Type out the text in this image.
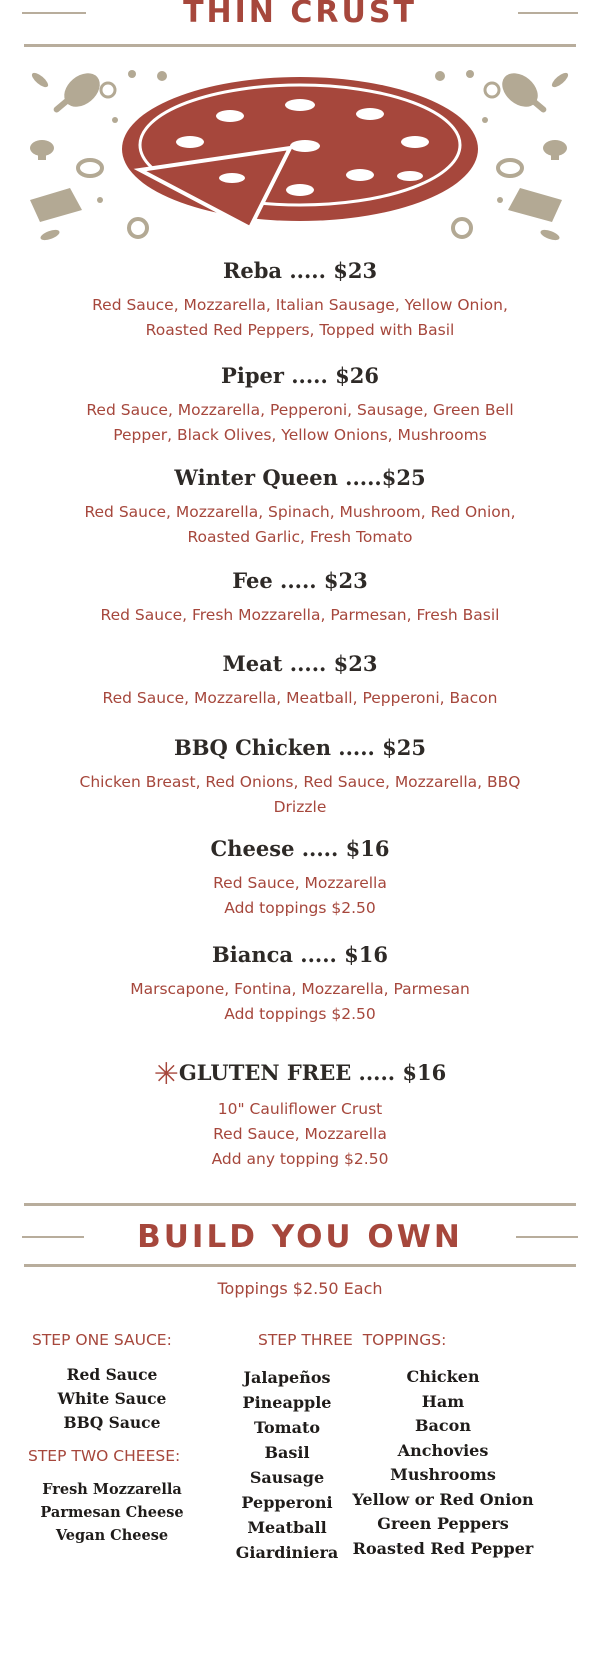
THIN CRUST
Reba ..... $23
Red Sauce, Mozzarella, Italian Sausage, Yellow Onion,
Roasted Red Peppers, Topped with Basil
Piper ..... $26
Red Sauce, Mozzarella, Pepperoni, Sausage, Green Bell
Pepper, Black Olives, Yellow Onions, Mushrooms
Winter Queen .....$25
Red Sauce, Mozzarella, Spinach, Mushroom, Red Onion,
Roasted Garlic, Fresh Tomato
Fee ..... $23
Red Sauce, Fresh Mozzarella, Parmesan, Fresh Basil
Meat ..... $23
Red Sauce, Mozzarella, Meatball, Pepperoni, Bacon
BBQ Chicken ..... $25
Chicken Breast, Red Onions, Red Sauce, Mozzarella, BBQ
Drizzle
Cheese ..... $16
Red Sauce, Mozzarella
Add toppings $2.50
Bianca ..... $16
Marscapone, Fontina, Mozzarella, Parmesan
Add toppings $2.50
✳GLUTEN FREE ..... $16
10" Cauliflower Crust
Red Sauce, Mozzarella
Add any topping $2.50
BUILD YOU OWN
Toppings $2.50 Each
STEP ONE SAUCE:
Red Sauce
White Sauce
BBQ Sauce
STEP TWO CHEESE:
Fresh Mozzarella
Parmesan Cheese
Vegan Cheese
STEP THREE  TOPPINGS:
Jalapeños
Pineapple
Tomato
Basil
Sausage
Pepperoni
Meatball
Giardiniera
Chicken
Ham
Bacon
Anchovies
Mushrooms
Yellow or Red Onion
Green Peppers
Roasted Red Pepper
